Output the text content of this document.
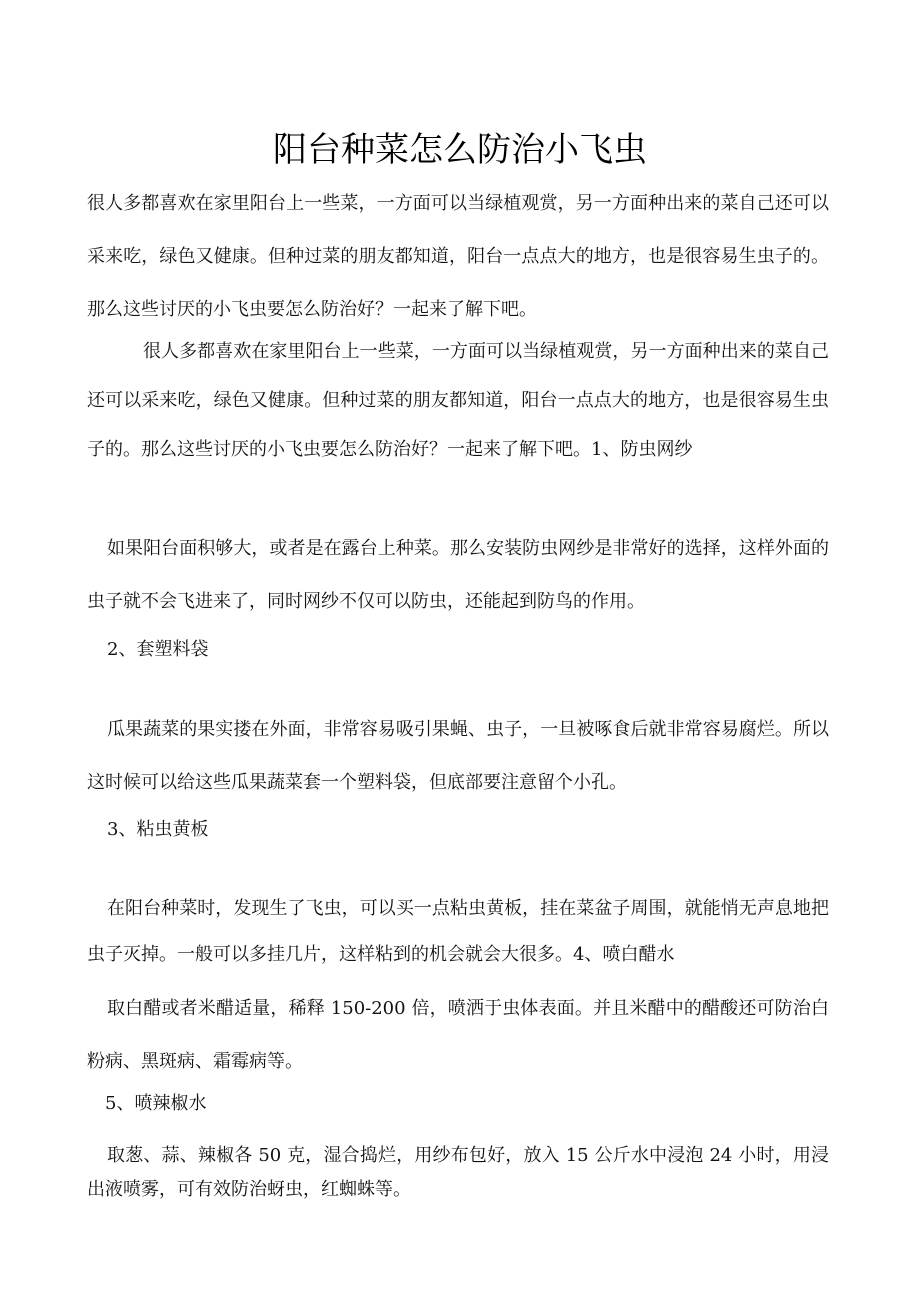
阳台种菜怎么防治小飞虫

很人多都喜欢在家里阳台上一些菜，一方面可以当绿植观赏，另一方面种出来的菜自己还可以采来吃，绿色又健康。但种过菜的朋友都知道，阳台一点点大的地方，也是很容易生虫子的。那么这些讨厌的小飞虫要怎么防治好？一起来了解下吧。

很人多都喜欢在家里阳台上一些菜，一方面可以当绿植观赏，另一方面种出来的菜自己还可以采来吃，绿色又健康。但种过菜的朋友都知道，阳台一点点大的地方，也是很容易生虫子的。那么这些讨厌的小飞虫要怎么防治好？一起来了解下吧。1、防虫网纱

如果阳台面积够大，或者是在露台上种菜。那么安装防虫网纱是非常好的选择，这样外面的虫子就不会飞进来了，同时网纱不仅可以防虫，还能起到防鸟的作用。

2、套塑料袋

瓜果蔬菜的果实搂在外面，非常容易吸引果蝇、虫子，一旦被啄食后就非常容易腐烂。所以这时候可以给这些瓜果蔬菜套一个塑料袋，但底部要注意留个小孔。

3、粘虫黄板

在阳台种菜时，发现生了飞虫，可以买一点粘虫黄板，挂在菜盆子周围，就能悄无声息地把虫子灭掉。一般可以多挂几片，这样粘到的机会就会大很多。4、喷白醋水

取白醋或者米醋适量，稀释 150-200 倍，喷洒于虫体表面。并且米醋中的醋酸还可防治白粉病、黑斑病、霜霉病等。

5、喷辣椒水

取葱、蒜、辣椒各 50 克，湿合捣烂，用纱布包好，放入 15 公斤水中浸泡 24 小时，用浸出液喷雾，可有效防治蚜虫，红蜘蛛等。
